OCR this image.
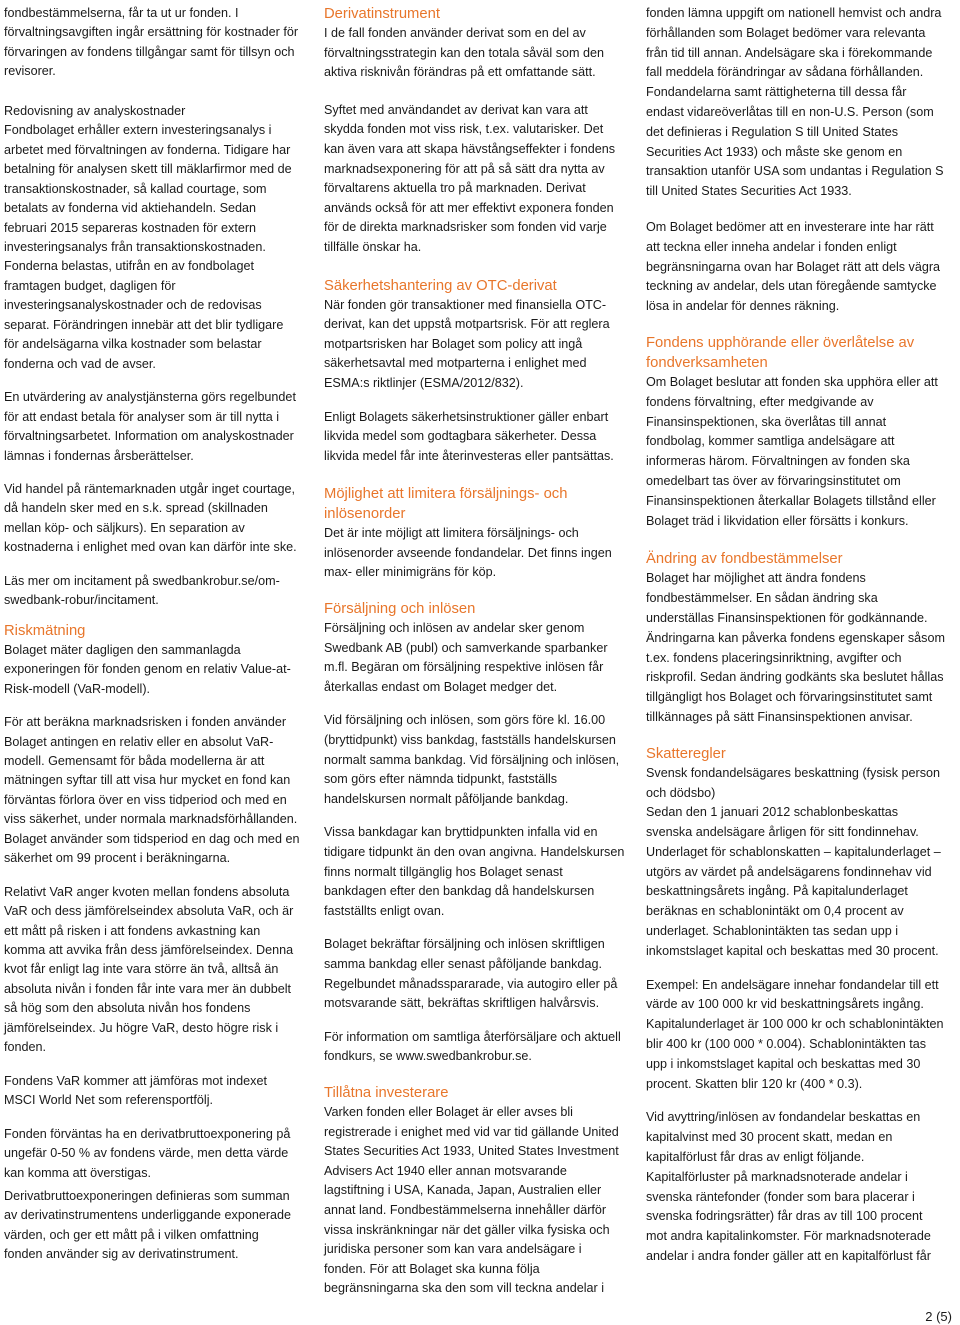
fondbestämmelserna, får ta ut ur fonden. I förvaltningsavgiften ingår ersättning för kostnader för förvaringen av fondens tillgångar samt för tillsyn och revisorer.

Redovisning av analyskostnader

Fondbolaget erhåller extern investeringsanalys i arbetet med förvaltningen av fonderna. Tidigare har betalning för analysen skett till mäklarfirmor med de transaktionskostnader, så kallad courtage, som betalats av fonderna vid aktiehandeln. Sedan februari 2015 separeras kostnaden för extern investeringsanalys från transaktionskostnaden. Fonderna belastas, utifrån en av fondbolaget framtagen budget, dagligen för investeringsanalyskostnader och de redovisas separat. Förändringen innebär att det blir tydligare för andelsägarna vilka kostnader som belastar fonderna och vad de avser.

En utvärdering av analystjänsterna görs regelbundet för att endast betala för analyser som är till nytta i förvaltningsarbetet. Information om analyskostnader lämnas i fondernas årsberättelser.

Vid handel på räntemarknaden utgår inget courtage, då handeln sker med en s.k. spread (skillnaden mellan köp- och säljkurs). En separation av kostnaderna i enlighet med ovan kan därför inte ske.

Läs mer om incitament på swedbankrobur.se/om-swedbank-robur/incitament.

Riskmätning

Bolaget mäter dagligen den sammanlagda exponeringen för fonden genom en relativ Value-at-Risk-modell (VaR-modell).

För att beräkna marknadsrisken i fonden använder Bolaget antingen en relativ eller en absolut VaR-modell. Gemensamt för båda modellerna är att mätningen syftar till att visa hur mycket en fond kan förväntas förlora över en viss tidperiod och med en viss säkerhet, under normala marknadsförhållanden. Bolaget använder som tidsperiod en dag och med en säkerhet om 99 procent i beräkningarna.

Relativt VaR anger kvoten mellan fondens absoluta VaR och dess jämförelseindex absoluta VaR, och är ett mått på risken i att fondens avkastning kan komma att avvika från dess jämförelseindex. Denna kvot får enligt lag inte vara större än två, alltså än absoluta nivån i fonden får inte vara mer än dubbelt så hög som den absoluta nivån hos fondens jämförelseindex. Ju högre VaR, desto högre risk i fonden.

Fondens VaR kommer att jämföras mot indexet MSCI World Net som referensportfölj.

Fonden förväntas ha en derivatbruttoexponering på ungefär 0-50 % av fondens värde, men detta värde kan komma att överstigas.

Derivatbruttoexponeringen definieras som summan av derivatinstrumentens underliggande exponerade värden, och ger ett mått på i vilken omfattning fonden använder sig av derivatinstrument.

Derivatinstrument

I de fall fonden använder derivat som en del av förvaltningsstrategin kan den totala såväl som den aktiva risknivån förändras på ett omfattande sätt.

Syftet med användandet av derivat kan vara att skydda fonden mot viss risk, t.ex. valutarisker. Det kan även vara att skapa hävstångseffekter i fondens marknadsexponering för att på så sätt dra nytta av förvaltarens aktuella tro på marknaden. Derivat används också för att mer effektivt exponera fonden för de direkta marknadsrisker som fonden vid varje tillfälle önskar ha.

Säkerhetshantering av OTC-derivat

När fonden gör transaktioner med finansiella OTC-derivat, kan det uppstå motpartsrisk. För att reglera motpartsrisken har Bolaget som policy att ingå säkerhetsavtal med motparterna i enlighet med ESMA:s riktlinjer (ESMA/2012/832).

Enligt Bolagets säkerhetsinstruktioner gäller enbart likvida medel som godtagbara säkerheter. Dessa likvida medel får inte återinvesteras eller pantsättas.

Möjlighet att limitera försäljnings- och inlösenorder

Det är inte möjligt att limitera försäljnings- och inlösenorder avseende fondandelar. Det finns ingen max- eller minimigräns för köp.

Försäljning och inlösen

Försäljning och inlösen av andelar sker genom Swedbank AB (publ) och samverkande sparbanker m.fl. Begäran om försäljning respektive inlösen får återkallas endast om Bolaget medger det.

Vid försäljning och inlösen, som görs före kl. 16.00 (bryttidpunkt) viss bankdag, fastställs handelskursen normalt samma bankdag. Vid försäljning och inlösen, som görs efter nämnda tidpunkt, fastställs handelskursen normalt påföljande bankdag.

Vissa bankdagar kan bryttidpunkten infalla vid en tidigare tidpunkt än den ovan angivna. Handelskursen finns normalt tillgänglig hos Bolaget senast bankdagen efter den bankdag då handelskursen fastställts enligt ovan.

Bolaget bekräftar försäljning och inlösen skriftligen samma bankdag eller senast påföljande bankdag. Regelbundet månadsspararade, via autogiro eller på motsvarande sätt, bekräftas skriftligen halvårsvis.

För information om samtliga återförsäljare och aktuell fondkurs, se www.swedbankrobur.se.

Tillåtna investerare

Varken fonden eller Bolaget är eller avses bli registrerade i enighet med vid var tid gällande United States Securities Act 1933, United States Investment Advisers Act 1940 eller annan motsvarande lagstiftning i USA, Kanada, Japan, Australien eller annat land. Fondbestämmelserna innehåller därför vissa inskränkningar när det gäller vilka fysiska och juridiska personer som kan vara andelsägare i fonden. För att Bolaget ska kunna följa begränsningarna ska den som vill teckna andelar i

fonden lämna uppgift om nationell hemvist och andra förhållanden som Bolaget bedömer vara relevanta från tid till annan. Andelsägare ska i förekommande fall meddela förändringar av sådana förhållanden. Fondandelarna samt rättigheterna till dessa får endast vidareöverlåtas till en non-U.S. Person (som det definieras i Regulation S till United States Securities Act 1933) och måste ske genom en transaktion utanför USA som undantas i Regulation S till United States Securities Act 1933.

Om Bolaget bedömer att en investerare inte har rätt att teckna eller inneha andelar i fonden enligt begränsningarna ovan har Bolaget rätt att dels vägra teckning av andelar, dels utan föregående samtycke lösa in andelar för dennes räkning.

Fondens upphörande eller överlåtelse av fondverksamheten

Om Bolaget beslutar att fonden ska upphöra eller att fondens förvaltning, efter medgivande av Finansinspektionen, ska överlåtas till annat fondbolag, kommer samtliga andelsägare att informeras härom. Förvaltningen av fonden ska omedelbart tas över av förvaringsinstitutet om Finansinspektionen återkallar Bolagets tillstånd eller Bolaget träd i likvidation eller försätts i konkurs.

Ändring av fondbestämmelser

Bolaget har möjlighet att ändra fondens fondbestämmelser. En sådan ändring ska underställas Finansinspektionen för godkännande. Ändringarna kan påverka fondens egenskaper såsom t.ex. fondens placeringsinriktning, avgifter och riskprofil. Sedan ändring godkänts ska beslutet hållas tillgängligt hos Bolaget och förvaringsinstitutet samt tillkännages på sätt Finansinspektionen anvisar.

Skatteregler
Svensk fondandelsägares beskattning (fysisk person och dödsbo)

Sedan den 1 januari 2012 schablonbeskattas svenska andelsägare årligen för sitt fondinnehav. Underlaget för schablonskatten – kapitalunderlaget – utgörs av värdet på andelsägarens fondinnehav vid beskattningsårets ingång. På kapitalunderlaget beräknas en schablonintäkt om 0,4 procent av underlaget. Schablonintäkten tas sedan upp i inkomstslaget kapital och beskattas med 30 procent.

Exempel: En andelsägare innehar fondandelar till ett värde av 100 000 kr vid beskattningsårets ingång. Kapitalunderlaget är 100 000 kr och schablonintäkten blir 400 kr (100 000 * 0.004). Schablonintäkten tas upp i inkomstslaget kapital och beskattas med 30 procent. Skatten blir 120 kr (400 * 0.3).

Vid avyttring/inlösen av fondandelar beskattas en kapitalvinst med 30 procent skatt, medan en kapitalförlust får dras av enligt följande. Kapitalförluster på marknadsnoterade andelar i svenska räntefonder (fonder som bara placerar i svenska fodringsrätter) får dras av till 100 procent mot andra kapitalinkomster. För marknadsnoterade andelar i andra fonder gäller att en kapitalförlust får

2 (5)
